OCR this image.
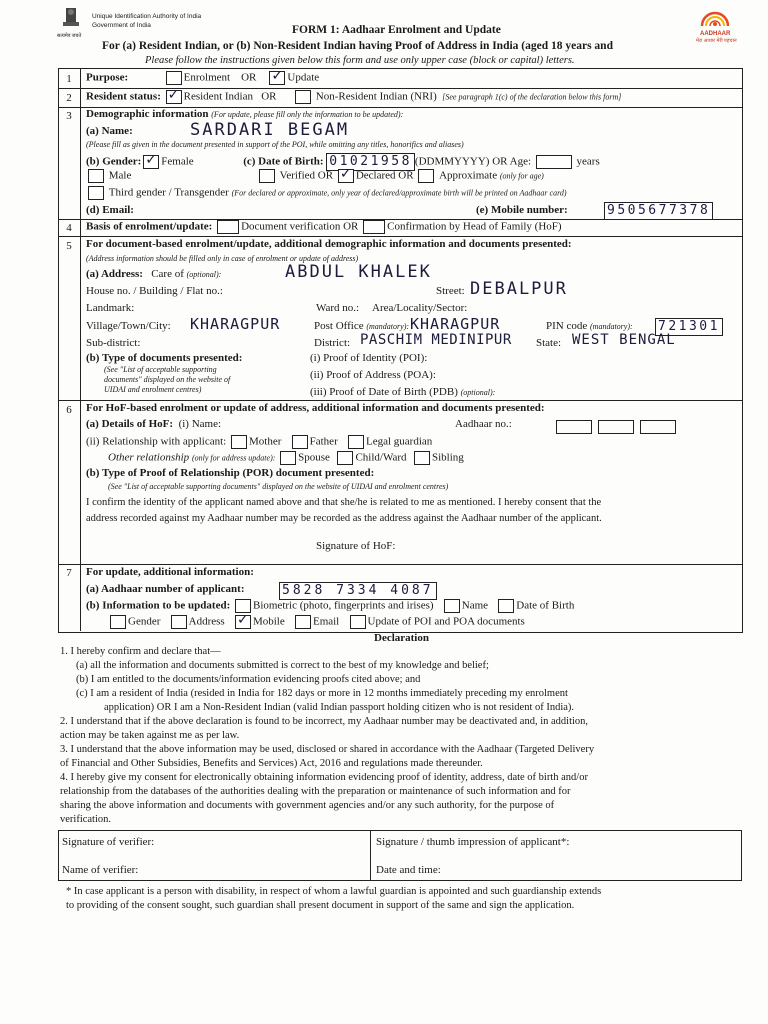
सत्यमेव जयते
Unique Identification Authority of India
Government of India	FORM 1: Aadhaar Enrolment and Update
For (a) Resident Indian, or (b) Non-Resident Indian having Proof of Address in India (aged 18 years and
Please follow the instructions given below this form and use only upper case (block or capital) letters.
AADHAAR
मेरा आधार मेरी पहचान
1	Purpose:	Enrolment OR ✓	Update
2	Resident status: ✓ Resident Indian OR	Non-Resident Indian (NRI) [See paragraph 1(c) of the declaration below this form]
3	Demographic information (For update, please fill only the information to be updated):
(a) Name:	SARDARI BEGAM
(Please fill as given in the document presented in support of the POI, while omitting any titles, honorifics and aliases)
(b) Gender: ✓ Female	(c) Date of Birth: 01021958 (DDMMYYYY) OR Age:	years
Male	Verified OR ✓ Declared OR Approximate (only for age)
Third gender / Transgender (For declared or approximate, only year of declared/approximate birth will be printed on Aadhaar card)
(d) Email:	(e) Mobile number:	9505677378
4	Basis of enrolment/update:	Document verification OR	Confirmation by Head of Family (HoF)
5	For document-based enrolment/update, additional demographic information and documents presented:
(Address information should be filled only in case of enrolment or update of address)
(a) Address: Care of (optional):	ABDUL KHALEK
House no. / Building / Flat no.:	Street: DEBALPUR
Landmark:	Ward no.: Area/Locality/Sector:
Village/Town/City: KHARAGPUR	Post Office (mandatory): KHARAGPUR	PIN code (mandatory): 721301
Sub-district:	District: PASCHIM MEDINIPUR State: WEST BENGAL
(b) Type of documents presented:
(See "List of acceptable supporting
documents" displayed on the website of
UIDAI and enrolment centres)
(i) Proof of Identity (POI):
(ii) Proof of Address (POA):
(iii) Proof of Date of Birth (PDB) (optional):
6	For HoF-based enrolment or update of address, additional information and documents presented:
(a) Details of HoF: (i) Name:	Aadhaar no.:
(ii) Relationship with applicant: Mother	Father	Legal guardian
Other relationship (only for address update): Spouse Child/Ward Sibling
(b) Type of Proof of Relationship (POR) document presented:
(See "List of acceptable supporting documents" displayed on the website of UIDAI and enrolment centres)
I confirm the identity of the applicant named above and that she/he is related to me as mentioned. I hereby consent that the
address recorded against my Aadhaar number may be recorded as the address against the Aadhaar number of the applicant.
Signature of HoF:
7	For update, additional information:
(a) Aadhaar number of applicant:	5828 7334 4087
(b) Information to be updated: Biometric (photo, fingerprints and irises)	Name	Date of Birth
Gender	Address ✓	Mobile	Email	Update of POI and POA documents
Declaration
1. I hereby confirm and declare that—
(a) all the information and documents submitted is correct to the best of my knowledge and belief;
(b) I am entitled to the documents/information evidencing proofs cited above; and
(c) I am a resident of India (resided in India for 182 days or more in 12 months immediately preceding my enrolment
application) OR I am a Non-Resident Indian (valid Indian passport holding citizen who is not resident of India).
2. I understand that if the above declaration is found to be incorrect, my Aadhaar number may be deactivated and, in addition,
action may be taken against me as per law.
3. I understand that the above information may be used, disclosed or shared in accordance with the Aadhaar (Targeted Delivery
of Financial and Other Subsidies, Benefits and Services) Act, 2016 and regulations made thereunder.
4. I hereby give my consent for electronically obtaining information evidencing proof of identity, address, date of birth and/or
relationship from the databases of the authorities dealing with the preparation or maintenance of such information and for
sharing the above information and documents with government agencies and/or any such authority, for the purpose of
verification.
Signature of verifier:	Signature / thumb impression of applicant*:
Name of verifier:	Date and time:
* In case applicant is a person with disability, in respect of whom a lawful guardian is appointed and such guardianship extends
to providing of the consent sought, such guardian shall present document in support of the same and sign the application.
